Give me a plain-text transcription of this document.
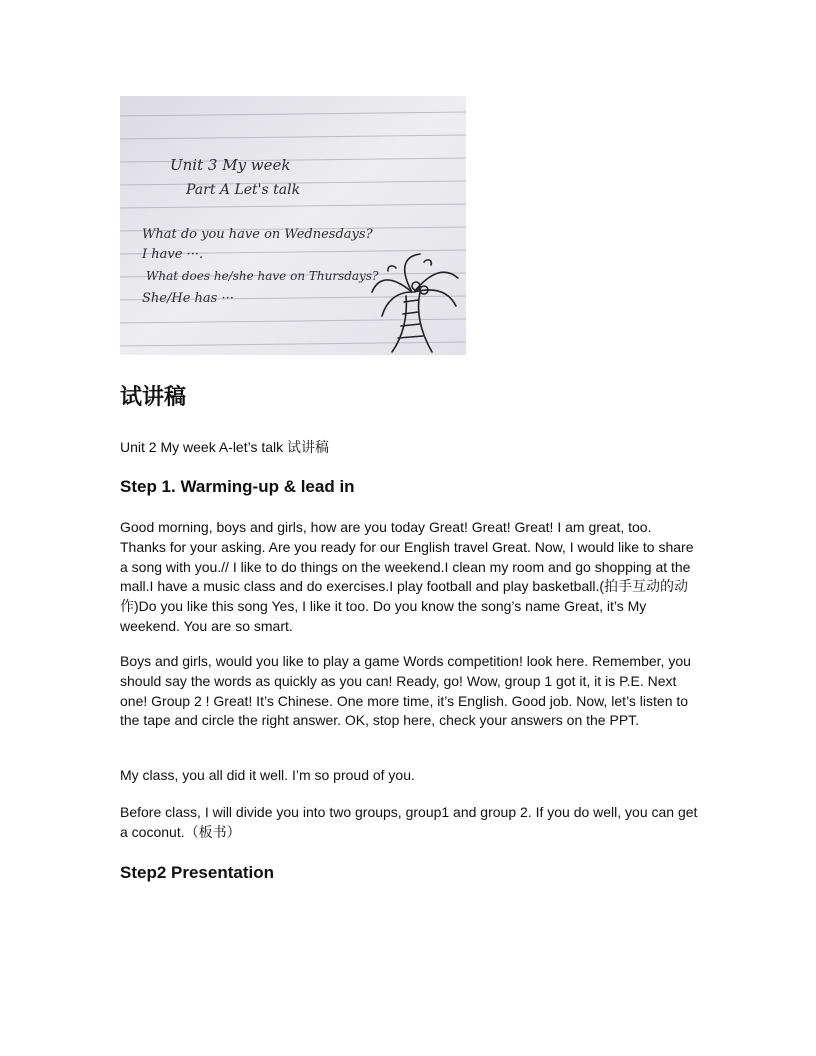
Unit 3 My week
Part A Let's talk
What do you have on Wednesdays?
I have ···.
What does he/she have on Thursdays?
She/He has ···
试讲稿

Unit 2 My week A-let’s talk 试讲稿

Step 1. Warming-up & lead in

Good morning, boys and girls, how are you today Great! Great! Great! I am great, too. Thanks for your asking. Are you ready for our English travel Great. Now, I would like to share a song with you.// I like to do things on the weekend.I clean my room and go shopping at the mall.I have a music class and do exercises.I play football and play basketball.(拍手互动的动作)Do you like this song Yes, I like it too. Do you know the song’s name Great, it’s My weekend. You are so smart.

Boys and girls, would you like to play a game Words competition! look here. Remember, you should say the words as quickly as you can! Ready, go! Wow, group 1 got it, it is P.E. Next one! Group 2 ! Great! It’s Chinese. One more time, it’s English. Good job. Now, let’s listen to the tape and circle the right answer. OK, stop here, check your answers on the PPT.

My class, you all did it well. I’m so proud of you.

Before class, I will divide you into two groups, group1 and group 2. If you do well, you can get a coconut.（板书）

Step2 Presentation
